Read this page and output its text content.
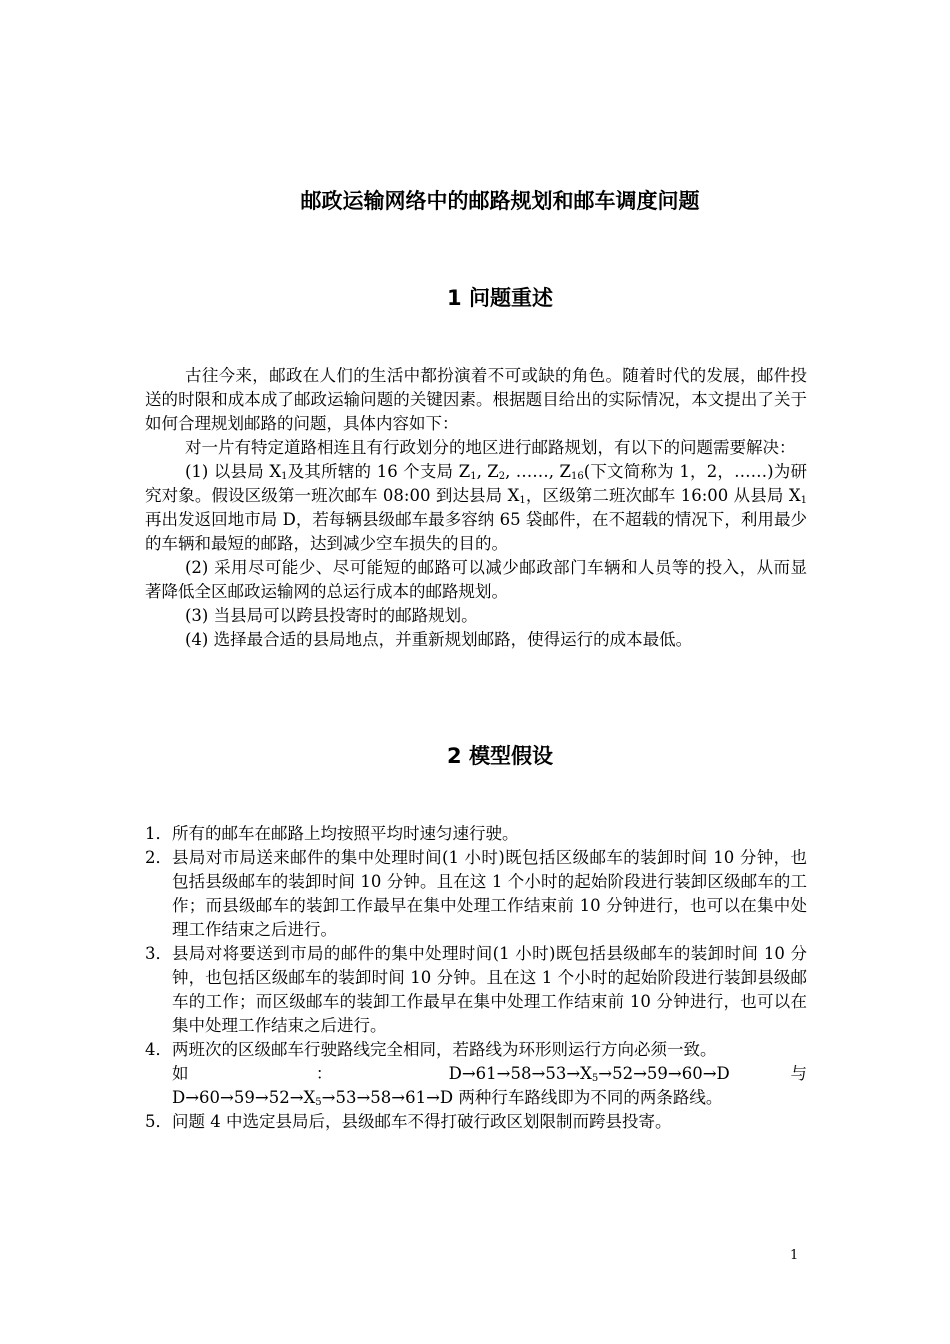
邮政运输网络中的邮路规划和邮车调度问题
1 问题重述

古往今来，邮政在人们的生活中都扮演着不可或缺的角色。随着时代的发展，邮件投送的时限和成本成了邮政运输问题的关键因素。根据题目给出的实际情况，本文提出了关于如何合理规划邮路的问题，具体内容如下：

对一片有特定道路相连且有行政划分的地区进行邮路规划，有以下的问题需要解决：

(1) 以县局 $X_1$及其所辖的 16 个支局 $Z_1$, $Z_2$, ……, $Z_{16}$(下文简称为 1，2，……)为研究对象。假设区级第一班次邮车 08:00 到达县局 $X_1$，区级第二班次邮车 16:00 从县局 $X_1$再出发返回地市局 D，若每辆县级邮车最多容纳 65 袋邮件，在不超载的情况下，利用最少的车辆和最短的邮路，达到减少空车损失的目的。

(2) 采用尽可能少、尽可能短的邮路可以减少邮政部门车辆和人员等的投入，从而显著降低全区邮政运输网的总运行成本的邮路规划。

(3) 当县局可以跨县投寄时的邮路规划。

(4) 选择最合适的县局地点，并重新规划邮路，使得运行的成本最低。

2 模型假设
1． 所有的邮车在邮路上均按照平均时速匀速行驶。
2． 县局对市局送来邮件的集中处理时间(1 小时)既包括区级邮车的装卸时间 10 分钟，也包括县级邮车的装卸时间 10 分钟。且在这 1 个小时的起始阶段进行装卸区级邮车的工作；而县级邮车的装卸工作最早在集中处理工作结束前 10 分钟进行，也可以在集中处理工作结束之后进行。
3． 县局对将要送到市局的邮件的集中处理时间(1 小时)既包括县级邮车的装卸时间 10 分钟，也包括区级邮车的装卸时间 10 分钟。且在这 1 个小时的起始阶段进行装卸县级邮车的工作；而区级邮车的装卸工作最早在集中处理工作结束前 10 分钟进行，也可以在集中处理工作结束之后进行。
4． 两班次的区级邮车行驶路线完全相同，若路线为环形则运行方向必须一致。
如　：	$D\to 61\to 58\to 53\to X_5\to 52\to 59\to 60\to D$	与
$D\to 60\to 59\to 52\to X_5\to 53\to 58\to 61\to D$ 两种行车路线即为不同的两条路线。
5． 问题 4 中选定县局后，县级邮车不得打破行政区划限制而跨县投寄。
1
